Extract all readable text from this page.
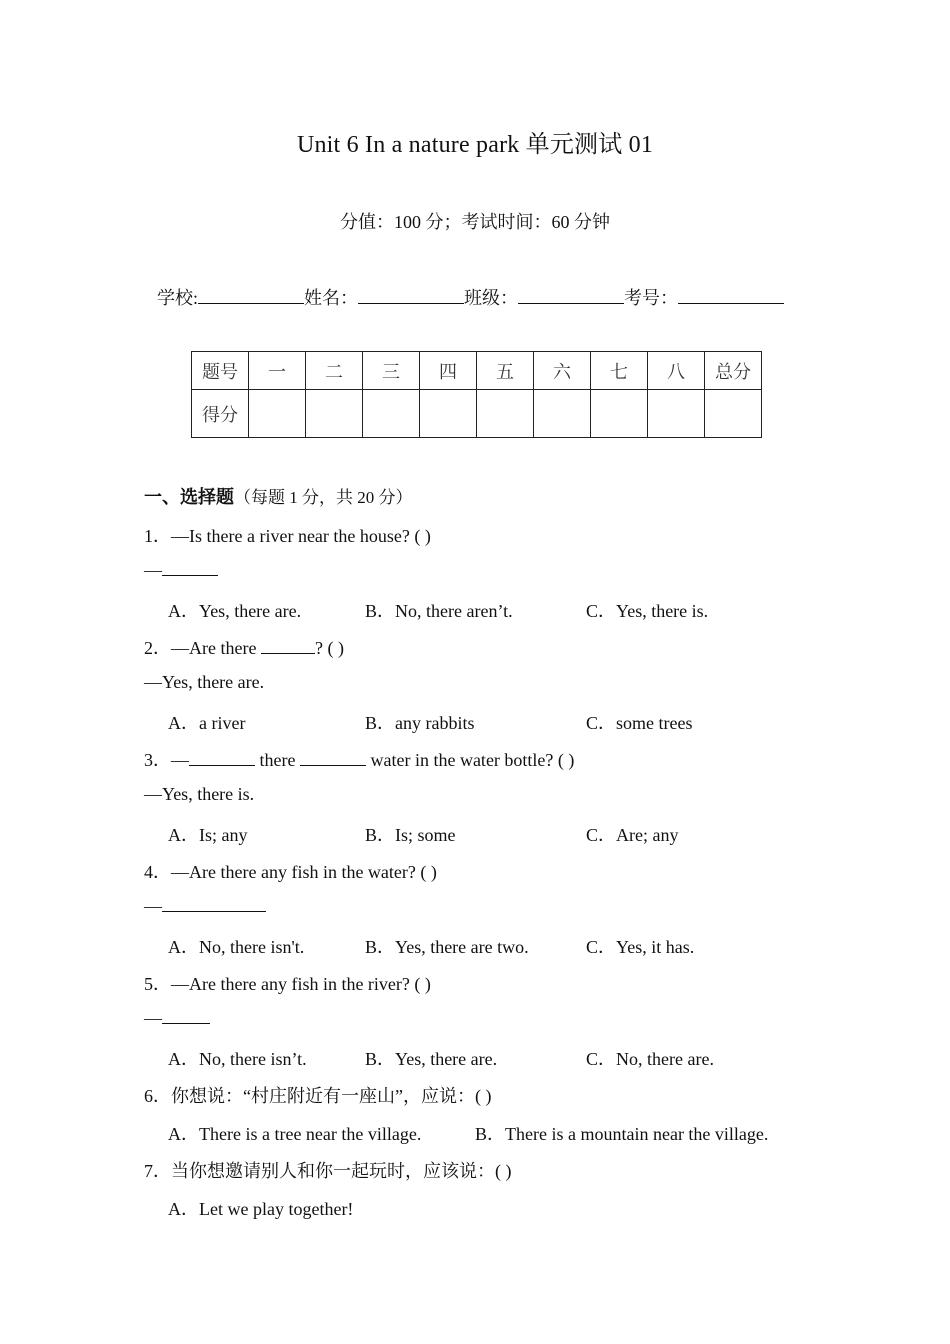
Unit 6 In a nature park 单元测试 01
分值：100 分；考试时间：60 分钟
学校:	姓名：	班级：	考号：
题号	一	二	三	四	五	六	七	八	总分
得分									
一、选择题（每题 1 分，共 20 分）
1．—Is there a river near the house? ( )
—
A．Yes, there are.	B．No, there aren’t.	C．Yes, there is.
2．—Are there	? ( )
—Yes, there are.
A．a river	B．any rabbits	C．some trees
3．—	there	water in the water bottle? ( )
—Yes, there is.
A．Is; any	B．Is; some	C．Are; any
4．—Are there any fish in the water? ( )
—
A．No, there isn't.	B．Yes, there are two.	C．Yes, it has.
5．—Are there any fish in the river? ( )
—
A．No, there isn’t.	B．Yes, there are.	C．No, there are.
6．你想说：“村庄附近有一座山”，应说：( )
A．There is a tree near the village.	B．There is a mountain near the village.
7．当你想邀请别人和你一起玩时，应该说：( )
A．Let we play together!
